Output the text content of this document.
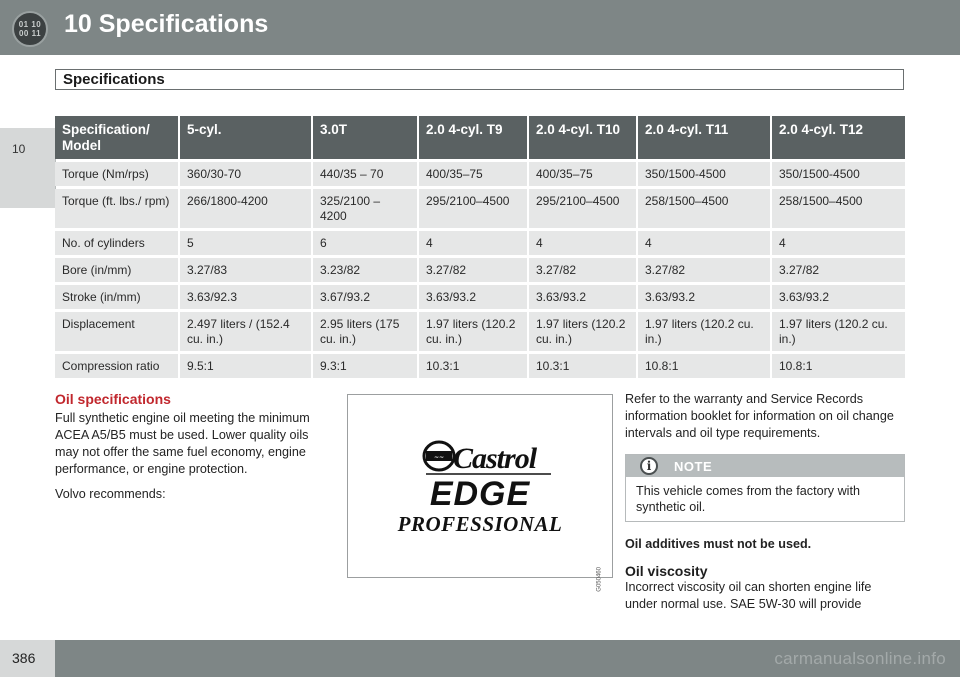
01 10
00 11 10 Specifications
10
Specifications
Specification/ Model	5-cyl.	3.0T	2.0 4-cyl. T9	2.0 4-cyl. T10	2.0 4-cyl. T11	2.0 4-cyl. T12
Torque (Nm/rps)	360/30-70	440/35 – 70	400/35–75	400/35–75	350/1500-4500	350/1500-4500
Torque (ft. lbs./ rpm)	266/1800-4200	325/2100 – 4200	295/2100–4500	295/2100–4500	258/1500–4500	258/1500–4500
No. of cylinders	5	6	4	4	4	4
Bore (in/mm)	3.27/83	3.23/82	3.27/82	3.27/82	3.27/82	3.27/82
Stroke (in/mm)	3.63/92.3	3.67/93.2	3.63/93.2	3.63/93.2	3.63/93.2	3.63/93.2
Displacement	2.497 liters / (152.4 cu. in.)	2.95 liters (175 cu. in.)	1.97 liters (120.2 cu. in.)	1.97 liters (120.2 cu. in.)	1.97 liters (120.2 cu. in.)	1.97 liters (120.2 cu. in.)
Compression ratio	9.5:1	9.3:1	10.3:1	10.3:1	10.8:1	10.8:1
Oil specifications

Full synthetic engine oil meeting the minimum ACEA A5/B5 must be used. Lower quality oils may not offer the same fuel economy, engine performance, or engine protection.

Volvo recommends:

~~ Castrol
EDGE
PROFESSIONAL
G050460

Refer to the warranty and Service Records information booklet for information on oil change intervals and oil type requirements.

i	NOTE
This vehicle comes from the factory with synthetic oil.

Oil additives must not be used.

Oil viscosity

Incorrect viscosity oil can shorten engine life under normal use. SAE 5W-30 will provide

386	carmanualsonline.info
